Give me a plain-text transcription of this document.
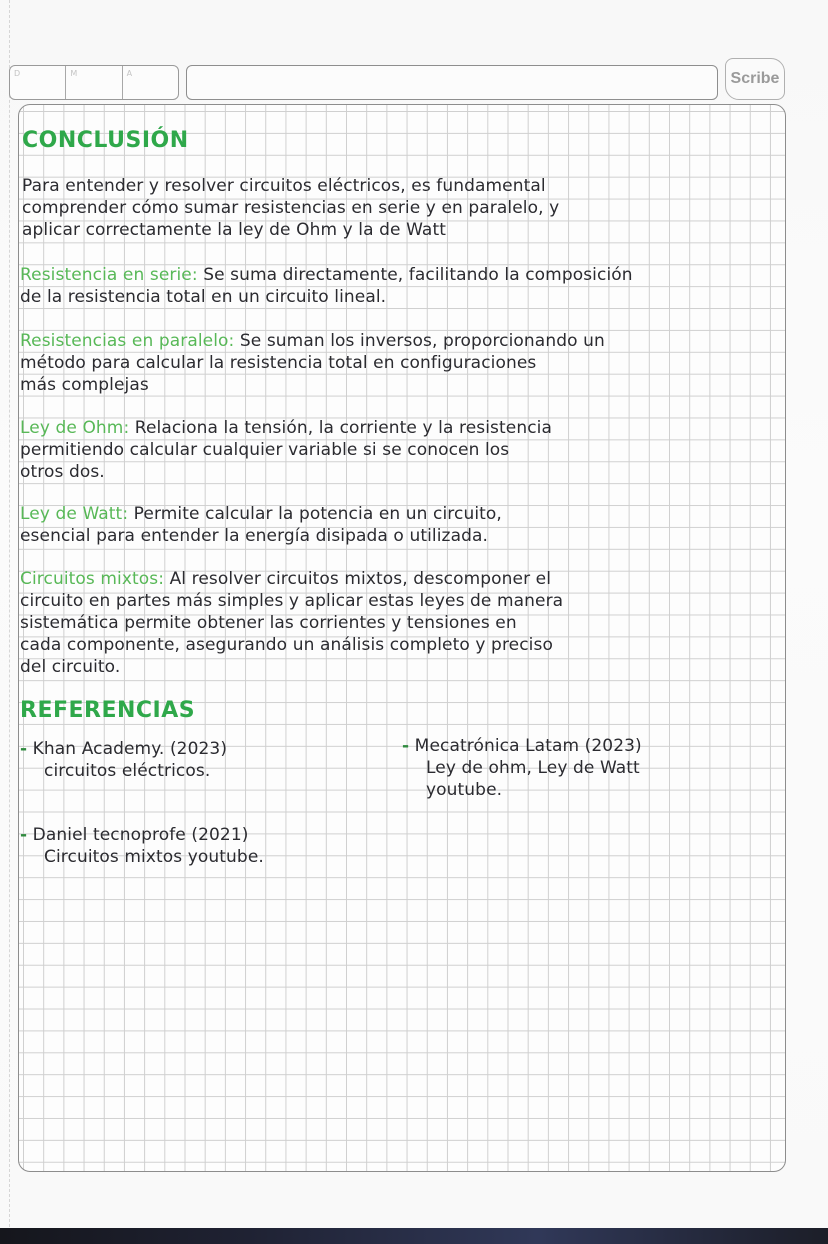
D	M	A	Scribe
CONCLUSIÓN
Para entender y resolver circuitos eléctricos, es fundamental
comprender cómo sumar resistencias en serie y en paralelo, y
aplicar correctamente la ley de Ohm y la de Watt
Resistencia en serie: Se suma directamente, facilitando la composición
de la resistencia total en un circuito lineal.
Resistencias en paralelo: Se suman los inversos, proporcionando un
método para calcular la resistencia total en configuraciones
más complejas
Ley de Ohm: Relaciona la tensión, la corriente y la resistencia
permitiendo calcular cualquier variable si se conocen los
otros dos.
Ley de Watt: Permite calcular la potencia en un circuito,
esencial para entender la energía disipada o utilizada.
Circuitos mixtos: Al resolver circuitos mixtos, descomponer el
circuito en partes más simples y aplicar estas leyes de manera
sistemática permite obtener las corrientes y tensiones en
cada componente, asegurando un análisis completo y preciso
del circuito.
REFERENCIAS
- Khan Academy. (2023)
circuitos eléctricos.
- Mecatrónica Latam (2023)
Ley de ohm, Ley de Watt
youtube.
- Daniel tecnoprofe (2021)
Circuitos mixtos youtube.
